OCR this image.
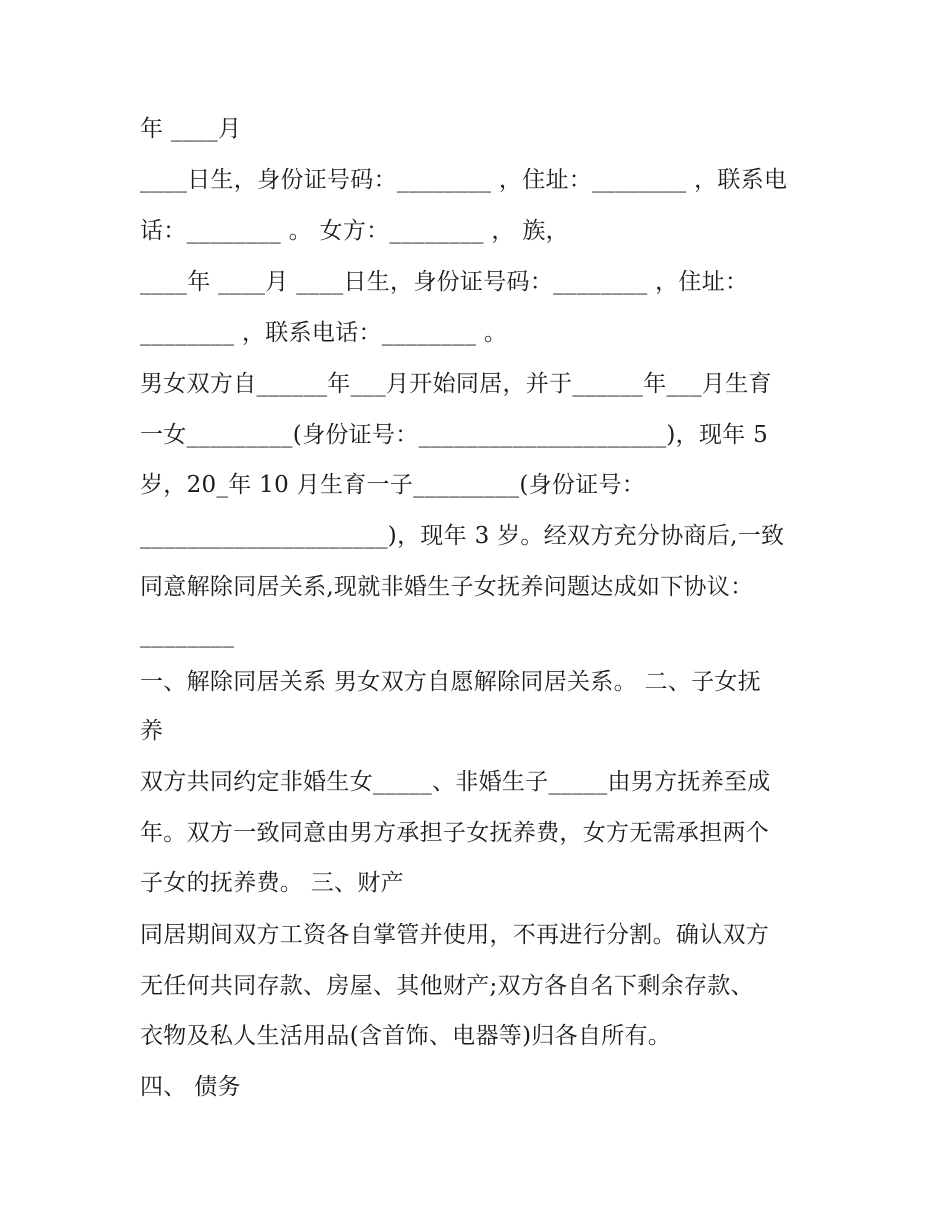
年 ____月

____日生，身份证号码：________ ，住址：________ ，联系电

话：________ 。 女方：________ ， 族，

____年 ____月 ____日生，身份证号码：________ ，住址：

________ ，联系电话：________ 。

男女双方自______年___月开始同居，并于______年___月生育

一女_________(身份证号：_____________________)，现年 5

岁，20_年 10 月生育一子_________(身份证号：

_____________________)，现年 3 岁。经双方充分协商后,一致

同意解除同居关系,现就非婚生子女抚养问题达成如下协议：

________

一、解除同居关系 男女双方自愿解除同居关系。 二、子女抚

养

双方共同约定非婚生女_____、非婚生子_____由男方抚养至成

年。双方一致同意由男方承担子女抚养费，女方无需承担两个

子女的抚养费。 三、财产

同居期间双方工资各自掌管并使用，不再进行分割。确认双方

无任何共同存款、房屋、其他财产;双方各自名下剩余存款、

衣物及私人生活用品(含首饰、电器等)归各自所有。

四、 债务
